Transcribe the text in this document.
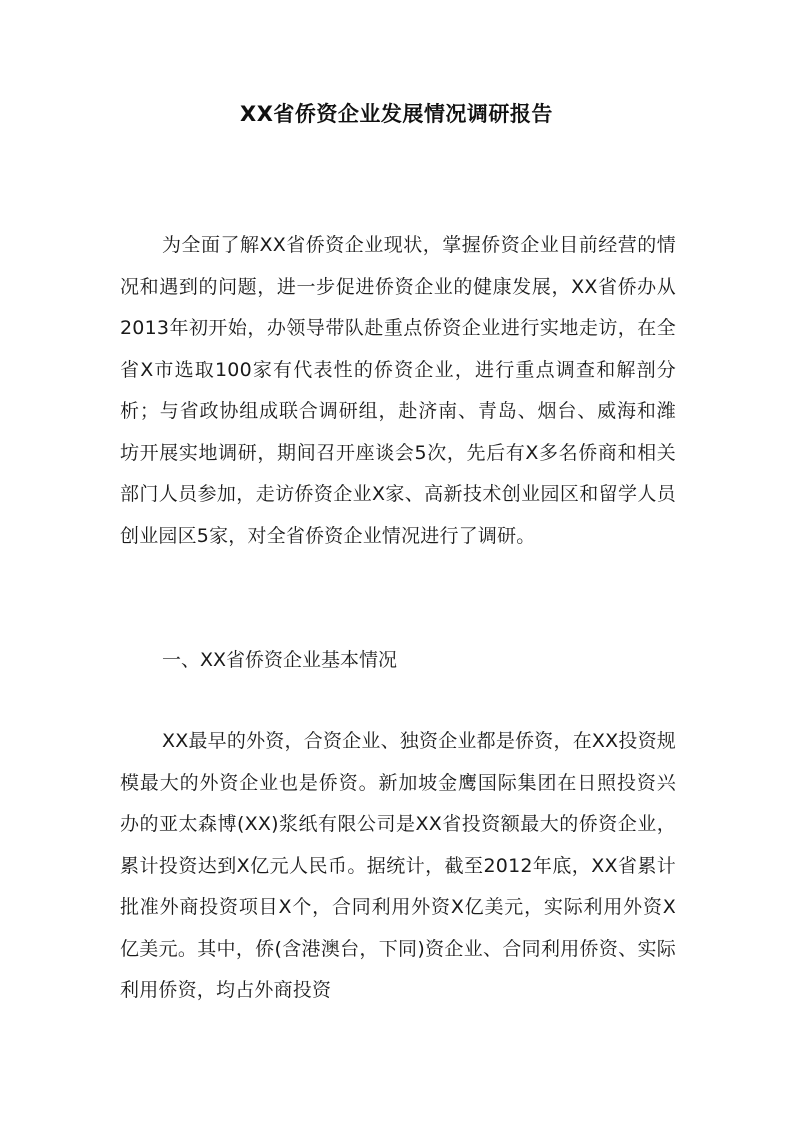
XX省侨资企业发展情况调研报告
为全面了解XX省侨资企业现状，掌握侨资企业目前经营的情况和遇到的问题，进一步促进侨资企业的健康发展，XX省侨办从2013年初开始，办领导带队赴重点侨资企业进行实地走访，在全省X市选取100家有代表性的侨资企业，进行重点调查和解剖分析；与省政协组成联合调研组，赴济南、青岛、烟台、威海和潍坊开展实地调研，期间召开座谈会5次，先后有X多名侨商和相关部门人员参加，走访侨资企业X家、高新技术创业园区和留学人员创业园区5家，对全省侨资企业情况进行了调研。
一、XX省侨资企业基本情况
XX最早的外资，合资企业、独资企业都是侨资，在XX投资规模最大的外资企业也是侨资。新加坡金鹰国际集团在日照投资兴办的亚太森博(XX)浆纸有限公司是XX省投资额最大的侨资企业，累计投资达到X亿元人民币。据统计，截至2012年底，XX省累计批准外商投资项目X个，合同利用外资X亿美元，实际利用外资X亿美元。其中，侨(含港澳台，下同)资企业、合同利用侨资、实际利用侨资，均占外商投资
